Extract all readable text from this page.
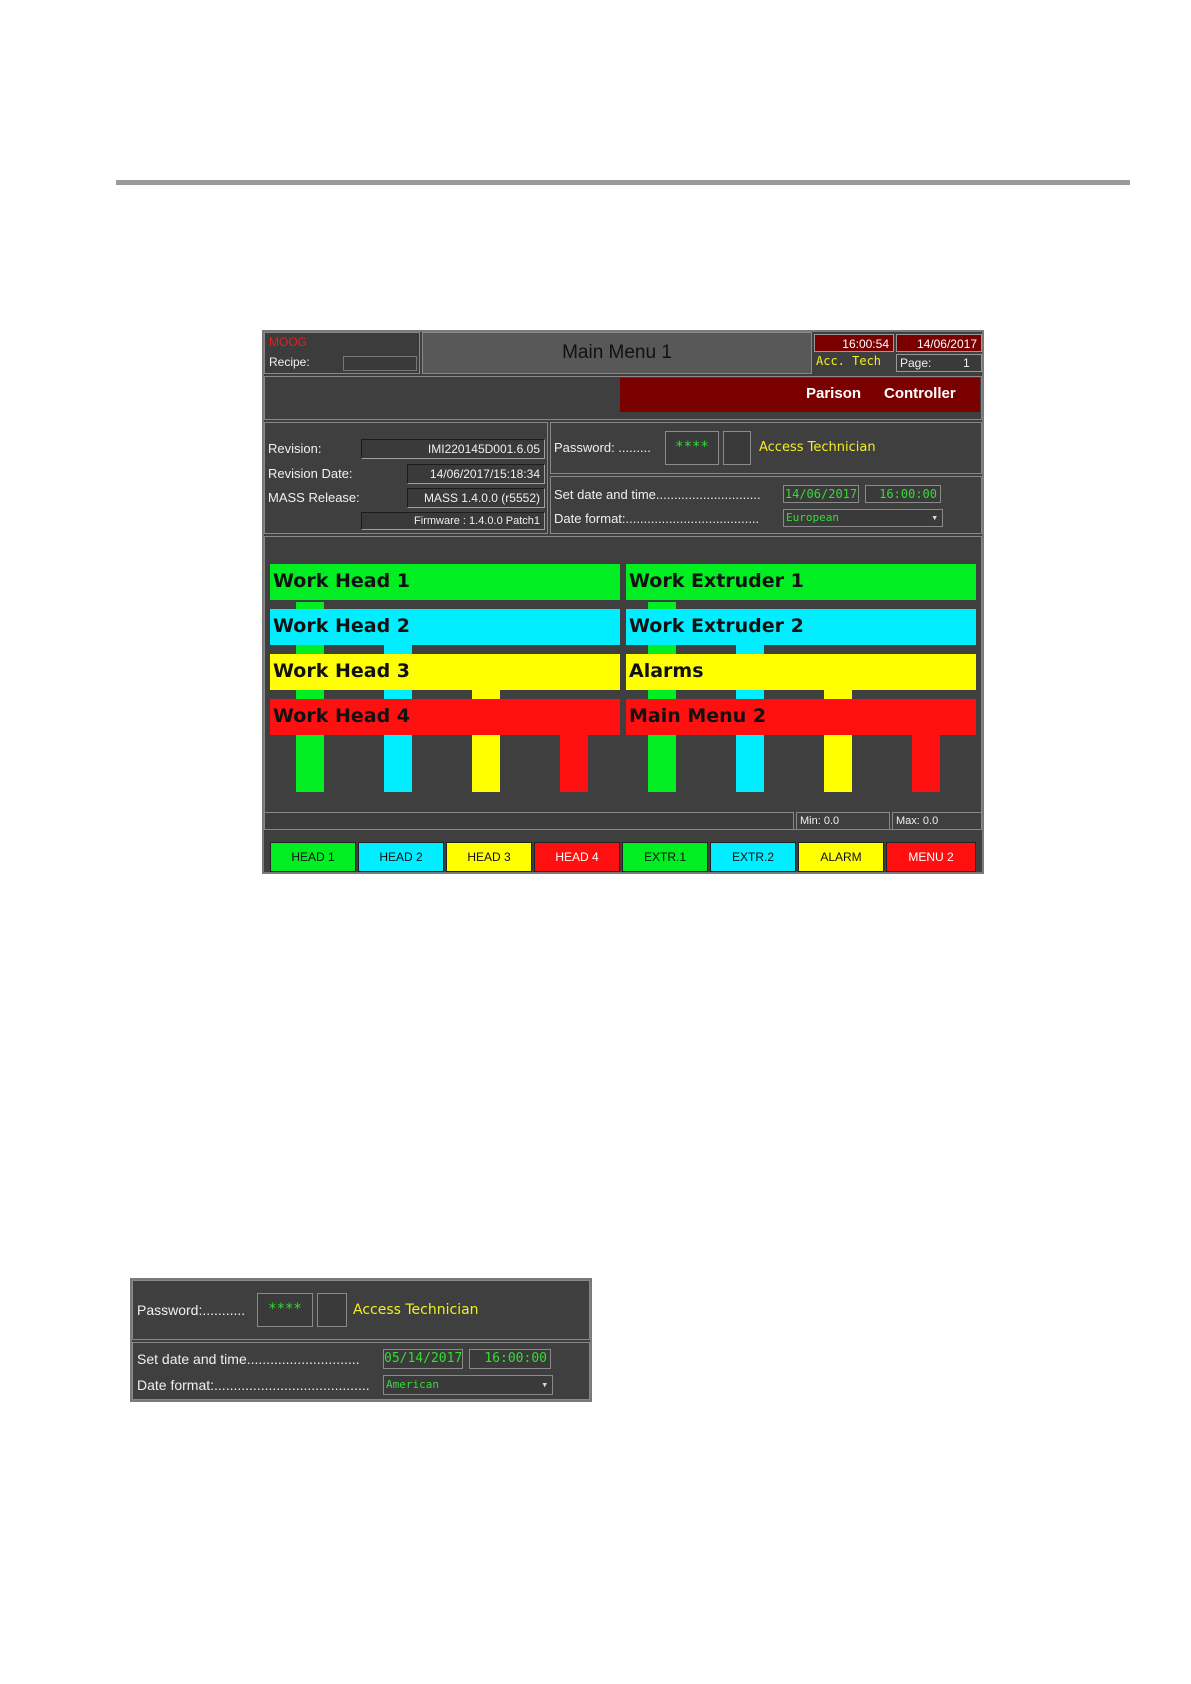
MOOG
Recipe:	Main Menu 1	16:00:54	14/06/2017
Acc. Tech Page:	1
Parison Controller
Revision:	IMI220145D001.6.05
Revision Date:	14/06/2017/15:18:34
MASS Release:	MASS 1.4.0.0 (r5552)
Firmware : 1.4.0.0 Patch1
Password: .........	****	Access Technician
Set date and time.............................	14/06/2017	16:00:00
Date format:.....................................	European	▾
Work Head 1	Work Extruder 1
Work Head 2	Work Extruder 2
Work Head 3	Alarms
Work Head 4	Main Menu 2
Min: 0.0	Max: 0.0
HEAD 1	HEAD 2	HEAD 3	HEAD 4	EXTR.1	EXTR.2	ALARM	MENU 2
Password:...........	****	Access Technician
Set date and time.............................	05/14/2017	16:00:00
Date format:........................................	American	▾
